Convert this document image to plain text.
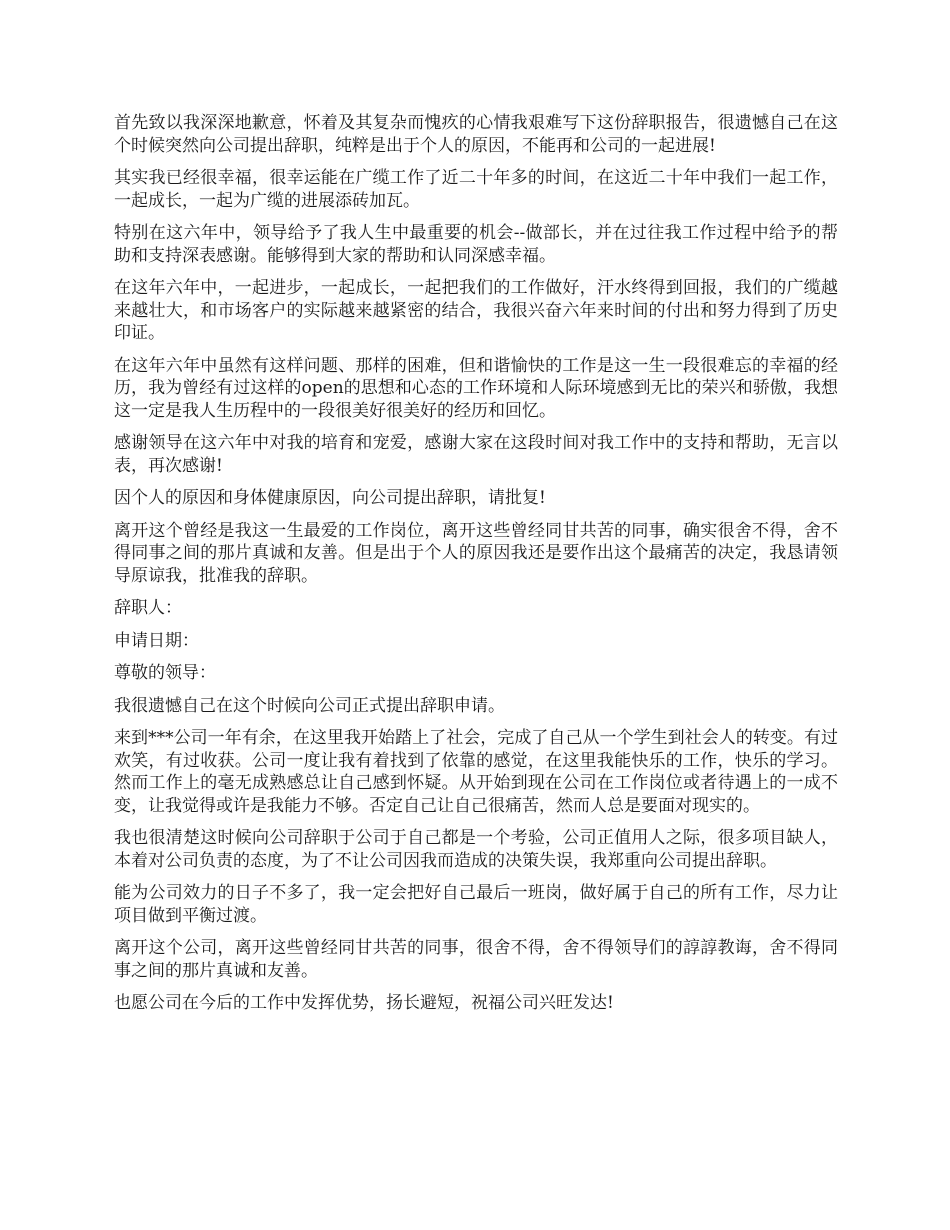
首先致以我深深地歉意，怀着及其复杂而愧疚的心情我艰难写下这份辞职报告，很遗憾自己在这个时候突然向公司提出辞职，纯粹是出于个人的原因，不能再和公司的一起进展!

其实我已经很幸福，很幸运能在广缆工作了近二十年多的时间，在这近二十年中我们一起工作，一起成长，一起为广缆的进展添砖加瓦。

特别在这六年中，领导给予了我人生中最重要的机会--做部长，并在过往我工作过程中给予的帮助和支持深表感谢。能够得到大家的帮助和认同深感幸福。

在这年六年中，一起进步，一起成长，一起把我们的工作做好，汗水终得到回报，我们的广缆越来越壮大，和市场客户的实际越来越紧密的结合，我很兴奋六年来时间的付出和努力得到了历史印证。

在这年六年中虽然有这样问题、那样的困难，但和谐愉快的工作是这一生一段很难忘的幸福的经历，我为曾经有过这样的open的思想和心态的工作环境和人际环境感到无比的荣兴和骄傲，我想这一定是我人生历程中的一段很美好很美好的经历和回忆。

感谢领导在这六年中对我的培育和宠爱，感谢大家在这段时间对我工作中的支持和帮助，无言以表，再次感谢!

因个人的原因和身体健康原因，向公司提出辞职，请批复!

离开这个曾经是我这一生最爱的工作岗位，离开这些曾经同甘共苦的同事，确实很舍不得，舍不得同事之间的那片真诚和友善。但是出于个人的原因我还是要作出这个最痛苦的决定，我恳请领导原谅我，批准我的辞职。

辞职人：

申请日期：

尊敬的领导：

我很遗憾自己在这个时候向公司正式提出辞职申请。

来到***公司一年有余，在这里我开始踏上了社会，完成了自己从一个学生到社会人的转变。有过欢笑，有过收获。公司一度让我有着找到了依靠的感觉，在这里我能快乐的工作，快乐的学习。然而工作上的毫无成熟感总让自己感到怀疑。从开始到现在公司在工作岗位或者待遇上的一成不变，让我觉得或许是我能力不够。否定自己让自己很痛苦，然而人总是要面对现实的。

我也很清楚这时候向公司辞职于公司于自己都是一个考验，公司正值用人之际，很多项目缺人，本着对公司负责的态度，为了不让公司因我而造成的决策失误，我郑重向公司提出辞职。

能为公司效力的日子不多了，我一定会把好自己最后一班岗，做好属于自己的所有工作，尽力让项目做到平衡过渡。

离开这个公司，离开这些曾经同甘共苦的同事，很舍不得，舍不得领导们的諄諄教诲，舍不得同事之间的那片真诚和友善。

也愿公司在今后的工作中发挥优势，扬长避短，祝福公司兴旺发达!
